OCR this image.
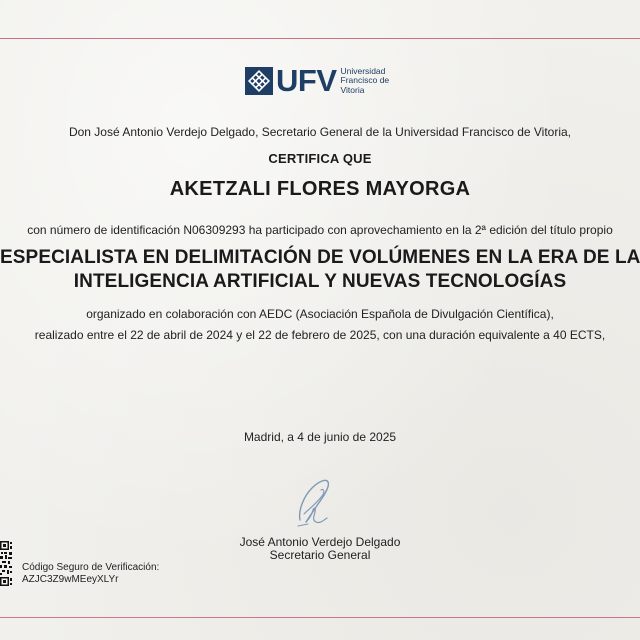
UFV Universidad
Francisco de
Vitoria
Don José Antonio Verdejo Delgado, Secretario General de la Universidad Francisco de Vitoria,
CERTIFICA QUE
AKETZALI FLORES MAYORGA
con número de identificación N06309293 ha participado con aprovechamiento en la 2ª edición del título propio
ESPECIALISTA EN DELIMITACIÓN DE VOLÚMENES EN LA ERA DE LA
INTELIGENCIA ARTIFICIAL Y NUEVAS TECNOLOGÍAS
organizado en colaboración con AEDC (Asociación Española de Divulgación Científica),
realizado entre el 22 de abril de 2024 y el 22 de febrero de 2025, con una duración equivalente a 40 ECTS,
Madrid, a 4 de junio de 2025
José Antonio Verdejo Delgado
Secretario General
Código Seguro de Verificación:
AZJC3Z9wMEeyXLYr
